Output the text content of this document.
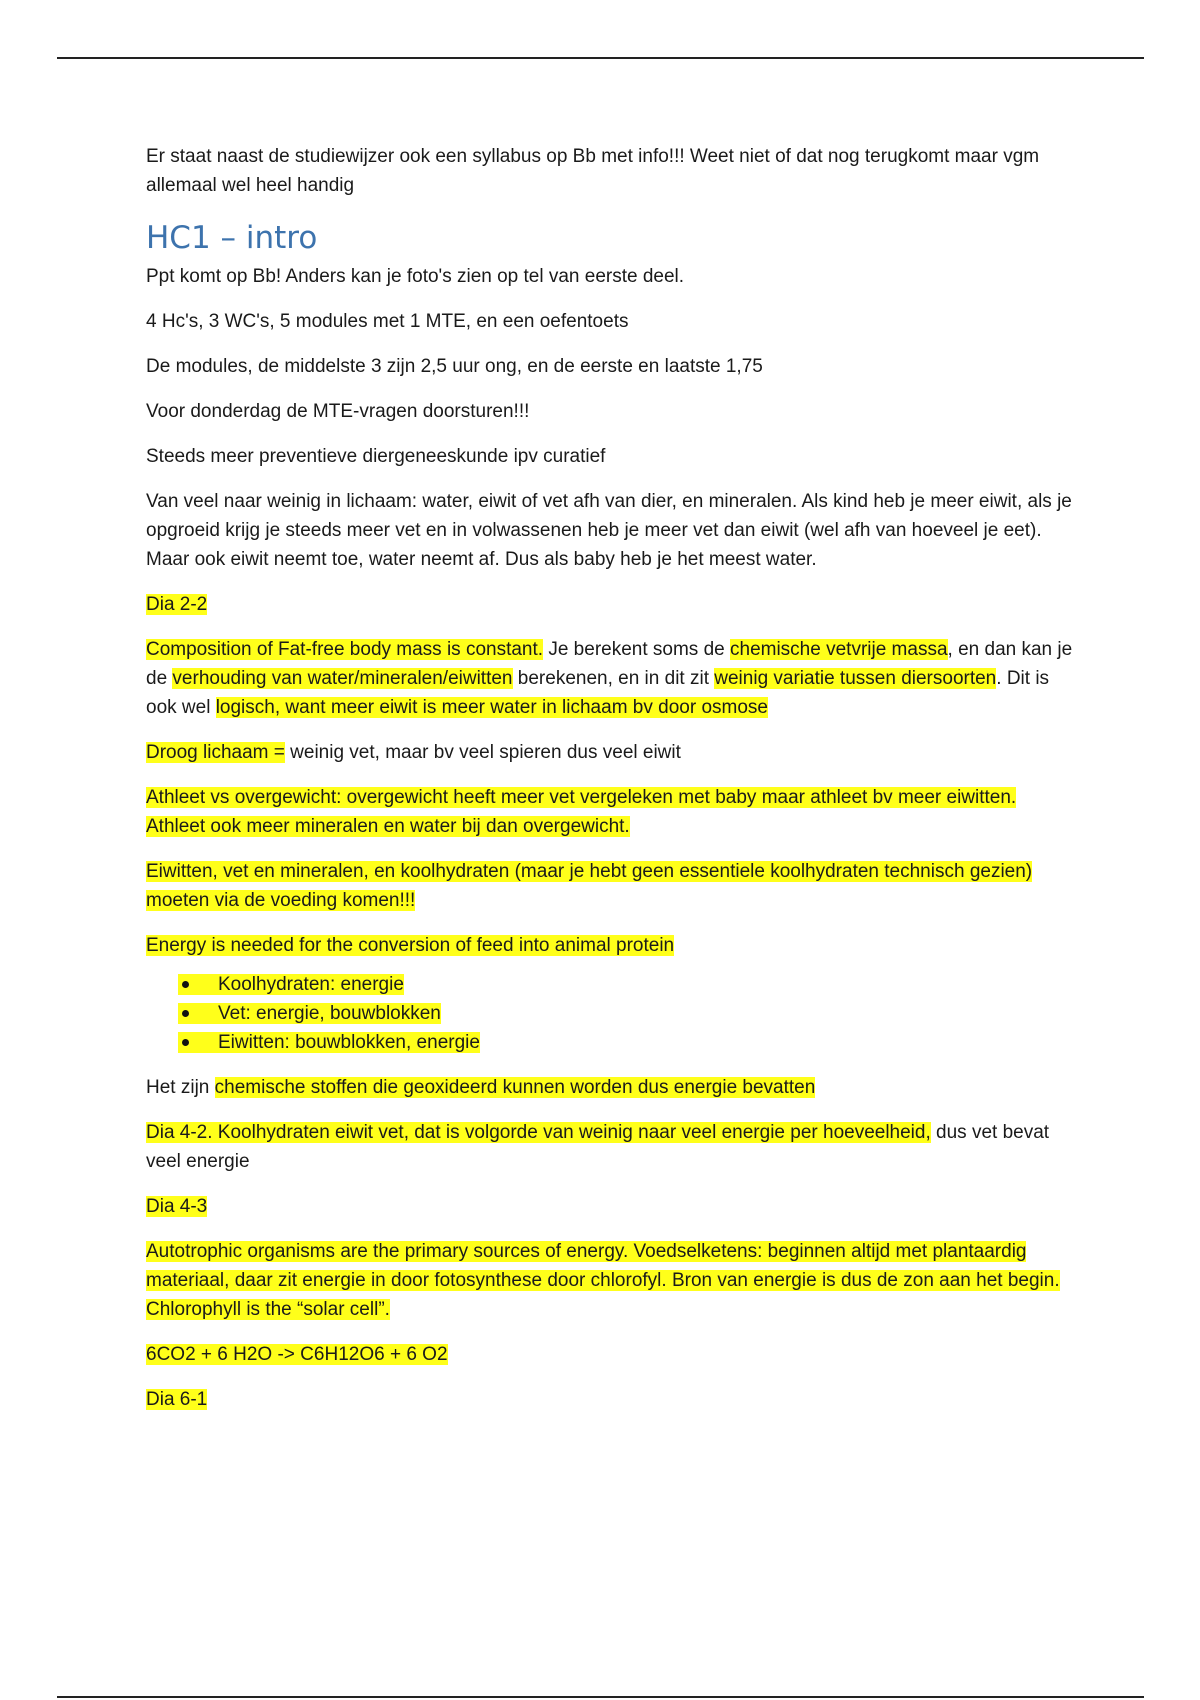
Er staat naast de studiewijzer ook een syllabus op Bb met info!!! Weet niet of dat nog terugkomt maar vgm allemaal wel heel handig

HC1 – intro

Ppt komt op Bb! Anders kan je foto's zien op tel van eerste deel.

4 Hc's, 3 WC's, 5 modules met 1 MTE, en een oefentoets

De modules, de middelste 3 zijn 2,5 uur ong, en de eerste en laatste 1,75

Voor donderdag de MTE-vragen doorsturen!!!

Steeds meer preventieve diergeneeskunde ipv curatief

Van veel naar weinig in lichaam: water, eiwit of vet afh van dier, en mineralen. Als kind heb je meer eiwit, als je opgroeid krijg je steeds meer vet en in volwassenen heb je meer vet dan eiwit (wel afh van hoeveel je eet). Maar ook eiwit neemt toe, water neemt af. Dus als baby heb je het meest water.

Dia 2-2

Composition of Fat-free body mass is constant. Je berekent soms de chemische vetvrije massa, en dan kan je de verhouding van water/mineralen/eiwitten berekenen, en in dit zit weinig variatie tussen diersoorten. Dit is ook wel logisch, want meer eiwit is meer water in lichaam bv door osmose

Droog lichaam = weinig vet, maar bv veel spieren dus veel eiwit

Athleet vs overgewicht: overgewicht heeft meer vet vergeleken met baby maar athleet bv meer eiwitten. Athleet ook meer mineralen en water bij dan overgewicht.

Eiwitten, vet en mineralen, en koolhydraten (maar je hebt geen essentiele koolhydraten technisch gezien) moeten via de voeding komen!!!

Energy is needed for the conversion of feed into animal protein

Koolhydraten: energie
Vet: energie, bouwblokken
Eiwitten: bouwblokken, energie

Het zijn chemische stoffen die geoxideerd kunnen worden dus energie bevatten

Dia 4-2. Koolhydraten eiwit vet, dat is volgorde van weinig naar veel energie per hoeveelheid, dus vet bevat veel energie

Dia 4-3

Autotrophic organisms are the primary sources of energy. Voedselketens: beginnen altijd met plantaardig materiaal, daar zit energie in door fotosynthese door chlorofyl. Bron van energie is dus de zon aan het begin. Chlorophyll is the “solar cell”.

6CO2 + 6 H2O -> C6H12O6 + 6 O2

Dia 6-1
